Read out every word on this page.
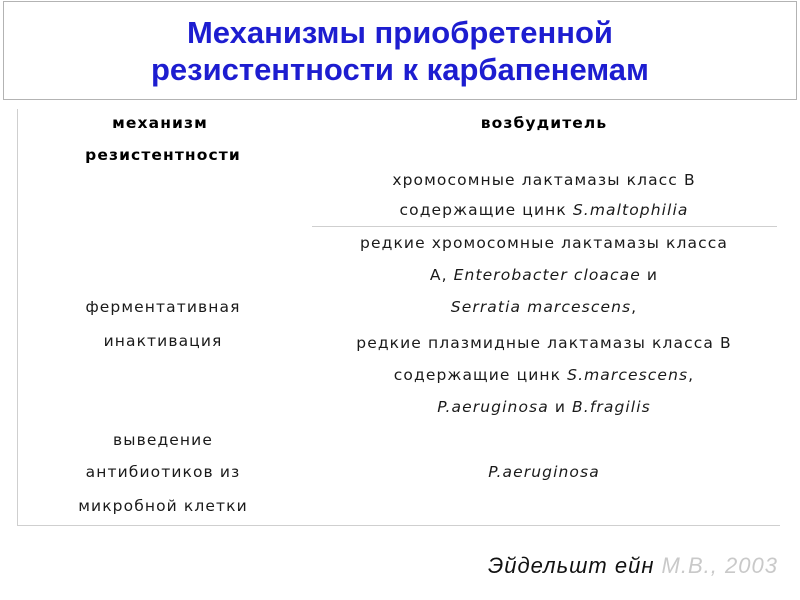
Механизмы приобретенной
резистентности к карбапенемам

механизм

резистентности

возбудитель

хромосомные лактамазы класс B

содержащие цинк S.maltophilia

редкие хромосомные лактамазы класса

A, Enterobacter cloacae и

Serratia marcescens,

редкие плазмидные лактамазы класса B

содержащие цинк S.marcescens,

P.aeruginosa и B.fragilis

ферментативная

инактивация

выведение

антибиотиков из

микробной клетки

P.aeruginosa

Эйдельшт ейн М.В., 2003
